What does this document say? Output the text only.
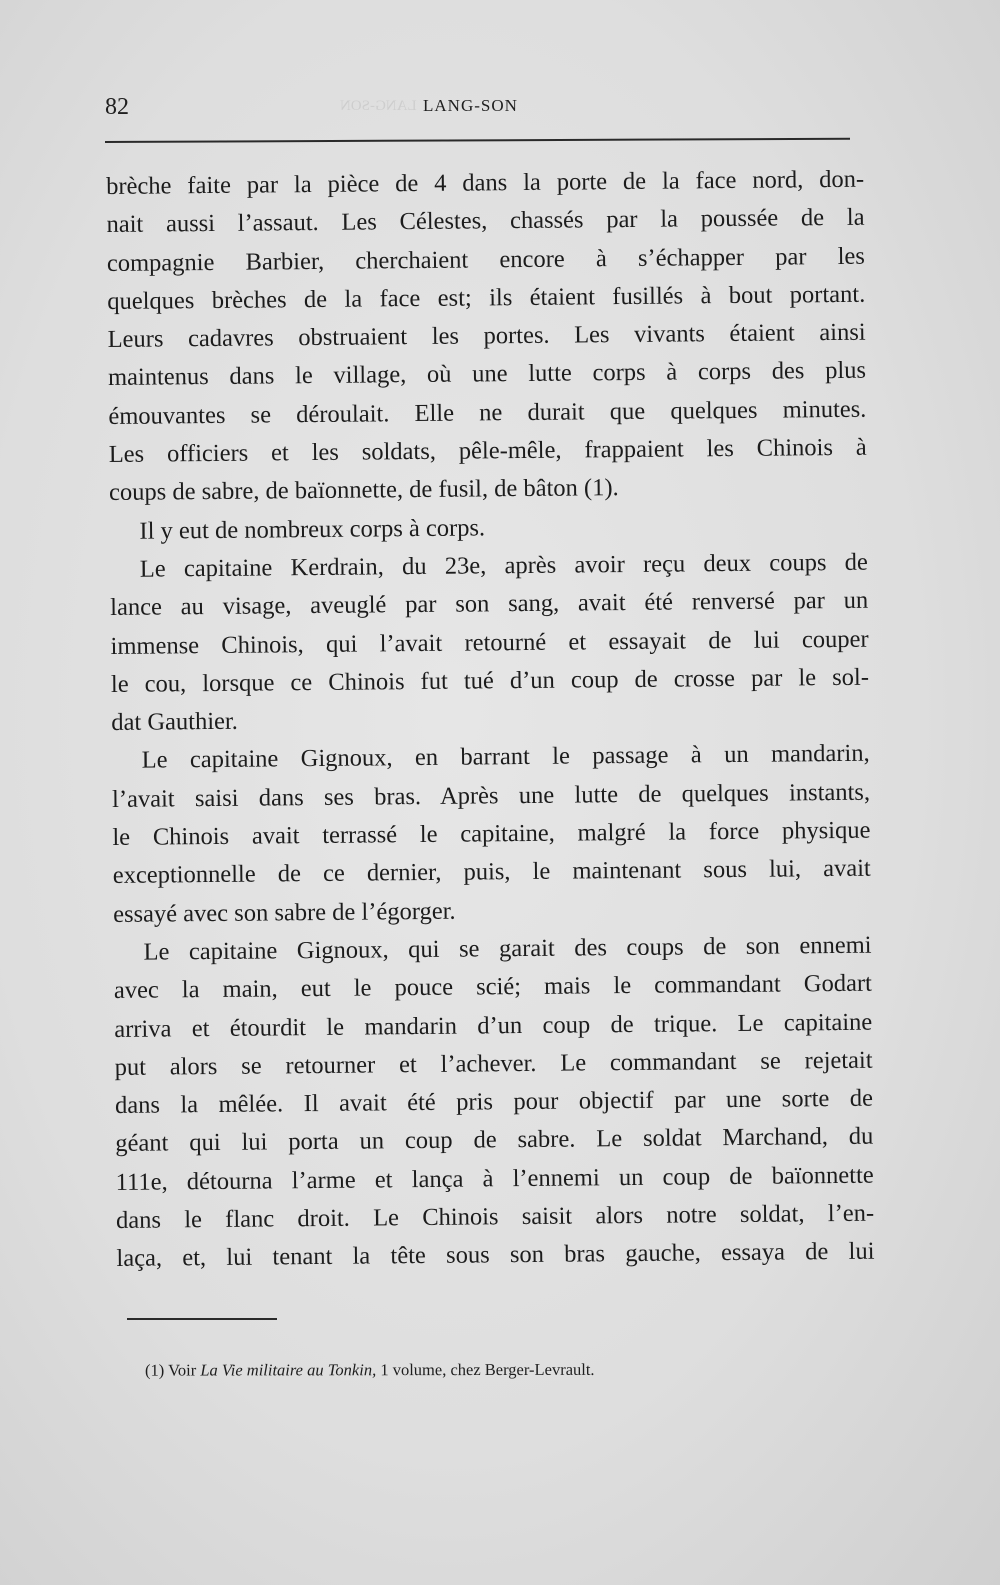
LANG-SON
82	LANG-SON
brèche faite par la pièce de 4 dans la porte de la face nord, don-
nait aussi l’assaut. Les Célestes, chassés par la poussée de la
compagnie Barbier, cherchaient encore à s’échapper par les
quelques brèches de la face est; ils étaient fusillés à bout portant.
Leurs cadavres obstruaient les portes. Les vivants étaient ainsi
maintenus dans le village, où une lutte corps à corps des plus
émouvantes se déroulait. Elle ne durait que quelques minutes.
Les officiers et les soldats, pêle-mêle, frappaient les Chinois à
coups de sabre, de baïonnette, de fusil, de bâton (1).
Il y eut de nombreux corps à corps.
Le capitaine Kerdrain, du 23e, après avoir reçu deux coups de
lance au visage, aveuglé par son sang, avait été renversé par un
immense Chinois, qui l’avait retourné et essayait de lui couper
le cou, lorsque ce Chinois fut tué d’un coup de crosse par le sol-
dat Gauthier.
Le capitaine Gignoux, en barrant le passage à un mandarin,
l’avait saisi dans ses bras. Après une lutte de quelques instants,
le Chinois avait terrassé le capitaine, malgré la force physique
exceptionnelle de ce dernier, puis, le maintenant sous lui, avait
essayé avec son sabre de l’égorger.
Le capitaine Gignoux, qui se garait des coups de son ennemi
avec la main, eut le pouce scié; mais le commandant Godart
arriva et étourdit le mandarin d’un coup de trique. Le capitaine
put alors se retourner et l’achever. Le commandant se rejetait
dans la mêlée. Il avait été pris pour objectif par une sorte de
géant qui lui porta un coup de sabre. Le soldat Marchand, du
111e, détourna l’arme et lança à l’ennemi un coup de baïonnette
dans le flanc droit. Le Chinois saisit alors notre soldat, l’en-
laça, et, lui tenant la tête sous son bras gauche, essaya de lui
(1) Voir La Vie militaire au Tonkin, 1 volume, chez Berger-Levrault.
